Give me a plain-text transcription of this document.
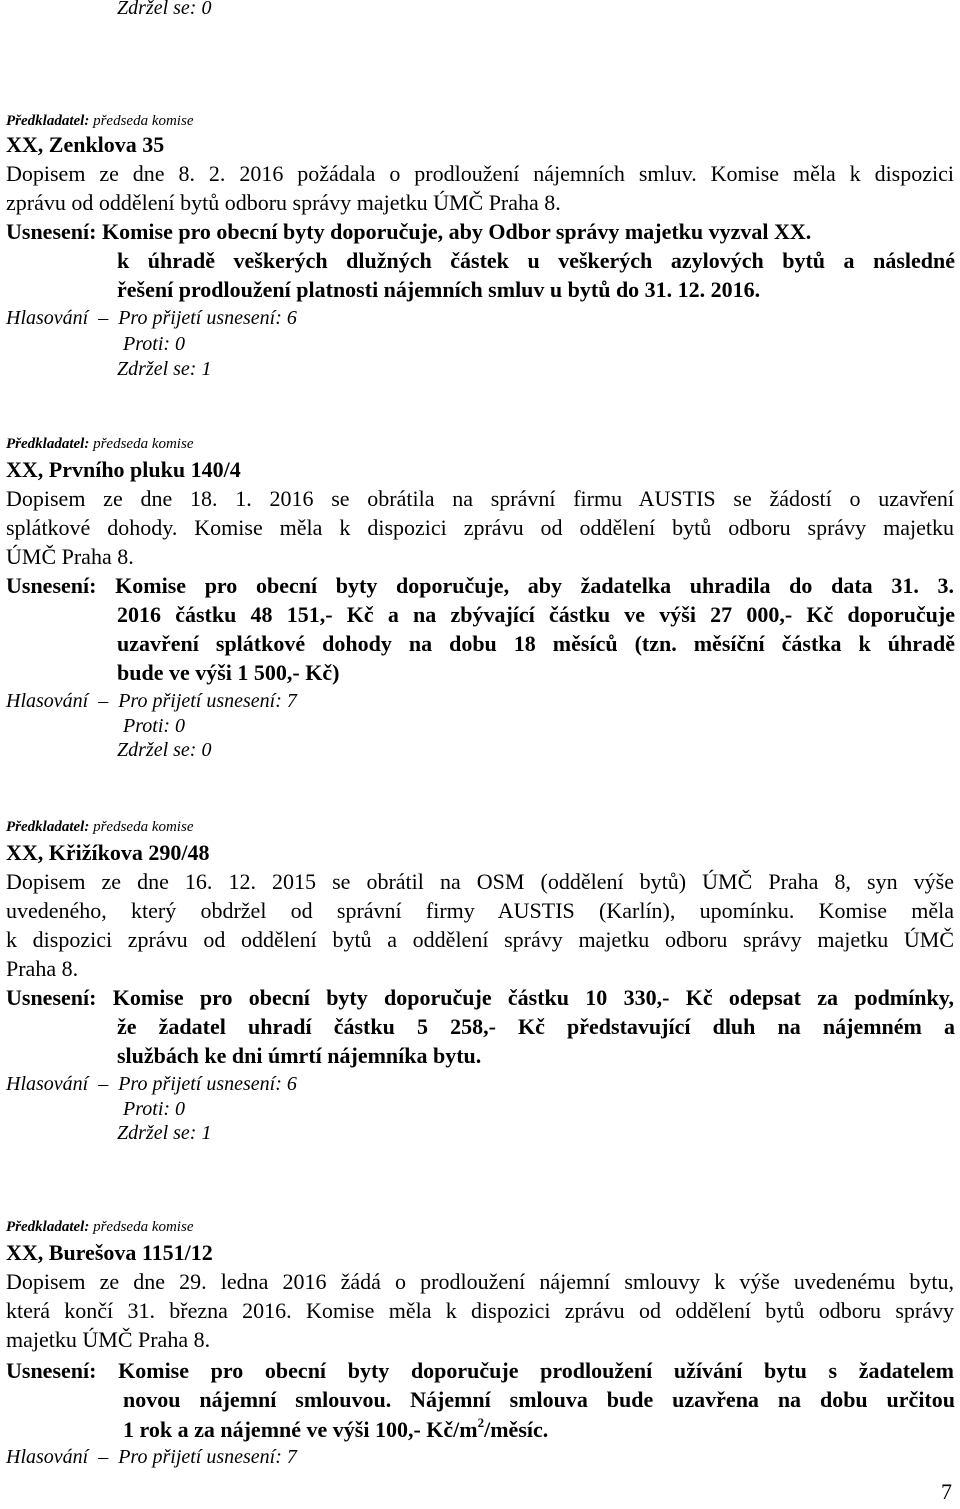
Zdržel se: 0
Předkladatel: předseda komise
XX, Zenklova 35
Dopisem ze dne 8. 2. 2016 požádala o prodloužení nájemních smluv. Komise měla k dispozici
zprávu od oddělení bytů odboru správy majetku ÚMČ Praha 8.
Usnesení: Komise pro obecní byty doporučuje, aby Odbor správy majetku vyzval XX.
k úhradě veškerých dlužných částek u veškerých azylových bytů a následné
řešení prodloužení platnosti nájemních smluv u bytů do 31. 12. 2016.
Hlasování – Pro přijetí usnesení: 6
Proti: 0
Zdržel se: 1
Předkladatel: předseda komise
XX, Prvního pluku 140/4
Dopisem ze dne 18. 1. 2016 se obrátila na správní firmu AUSTIS se žádostí o uzavření
splátkové dohody. Komise měla k dispozici zprávu od oddělení bytů odboru správy majetku
ÚMČ Praha 8.
Usnesení: Komise pro obecní byty doporučuje, aby žadatelka uhradila do data 31. 3.
2016 částku 48 151,- Kč a na zbývající částku ve výši 27 000,- Kč doporučuje
uzavření splátkové dohody na dobu 18 měsíců (tzn. měsíční částka k úhradě
bude ve výši 1 500,- Kč)
Hlasování – Pro přijetí usnesení: 7
Proti: 0
Zdržel se: 0
Předkladatel: předseda komise
XX, Křižíkova 290/48
Dopisem ze dne 16. 12. 2015 se obrátil na OSM (oddělení bytů) ÚMČ Praha 8, syn výše
uvedeného, který obdržel od správní firmy AUSTIS (Karlín), upomínku. Komise měla
k dispozici zprávu od oddělení bytů a oddělení správy majetku odboru správy majetku ÚMČ
Praha 8.
Usnesení: Komise pro obecní byty doporučuje částku 10 330,- Kč odepsat za podmínky,
že žadatel uhradí částku 5 258,- Kč představující dluh na nájemném a
službách ke dni úmrtí nájemníka bytu.
Hlasování – Pro přijetí usnesení: 6
Proti: 0
Zdržel se: 1
Předkladatel: předseda komise
XX, Burešova 1151/12
Dopisem ze dne 29. ledna 2016 žádá o prodloužení nájemní smlouvy k výše uvedenému bytu,
která končí 31. března 2016. Komise měla k dispozici zprávu od oddělení bytů odboru správy
majetku ÚMČ Praha 8.
Usnesení: Komise pro obecní byty doporučuje prodloužení užívání bytu s žadatelem
novou nájemní smlouvou. Nájemní smlouva bude uzavřena na dobu určitou
1 rok a za nájemné ve výši 100,- $Kč/m^2$/měsíc.
Hlasování – Pro přijetí usnesení: 7
7
